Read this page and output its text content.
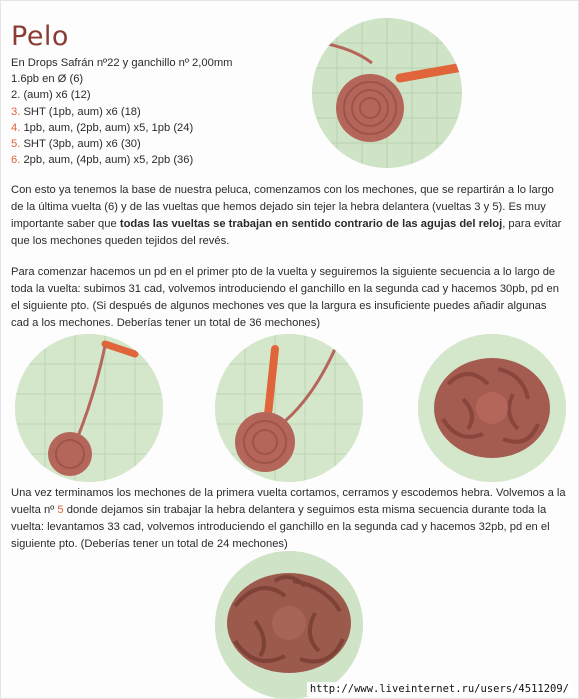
Pelo
En Drops Safrán nº22 y ganchillo nº 2,00mm
1.6pb en Ø (6)
2. (aum) x6 (12)
3. SHT (1pb, aum) x6 (18)
4. 1pb, aum, (2pb, aum) x5, 1pb (24)
5. SHT (3pb, aum) x6 (30)
6. 2pb, aum, (4pb, aum) x5, 2pb (36)

Con esto ya tenemos la base de nuestra peluca, comenzamos con los mechones, que se repartirán a lo largo de la última vuelta (6) y de las vueltas que hemos dejado sin tejer la hebra delantera (vueltas 3 y 5). Es muy importante saber que todas las vueltas se trabajan en sentido contrario de las agujas del reloj, para evitar que los mechones queden tejidos del revés.

Para comenzar hacemos un pd en el primer pto de la vuelta y seguiremos la siguiente secuencia a lo largo de toda la vuelta: subimos 31 cad, volvemos introduciendo el ganchillo en la segunda cad y hacemos 30pb, pd en el siguiente pto. (Si después de algunos mechones ves que la largura es insuficiente puedes añadir algunas cad a los mechones. Deberías tener un total de 36 mechones)

Una vez terminamos los mechones de la primera vuelta cortamos, cerramos y escodemos hebra. Volvemos a la vuelta nº 5 donde dejamos sin trabajar la hebra delantera y seguimos esta misma secuencia durante toda la vuelta: levantamos 33 cad, volvemos introduciendo el ganchillo en la segunda cad y hacemos 32pb, pd en el siguiente pto. (Deberías tener un total de 24 mechones)

http://www.liveinternet.ru/users/4511209/
